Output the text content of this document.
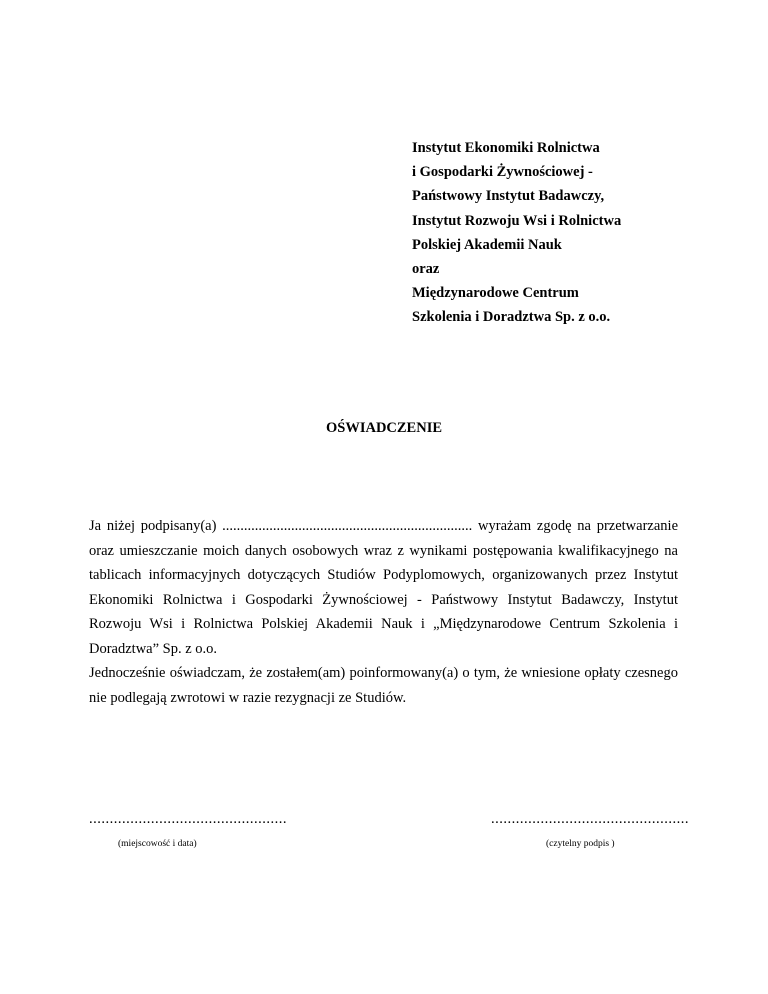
Instytut Ekonomiki Rolnictwa
i Gospodarki Żywnościowej -
Państwowy Instytut Badawczy,
Instytut Rozwoju Wsi i Rolnictwa
Polskiej Akademii Nauk
oraz
Międzynarodowe Centrum
Szkolenia i Doradztwa Sp. z o.o.
OŚWIADCZENIE

Ja niżej podpisany(a) ..................................................................... wyrażam zgodę na przetwarzanie oraz umieszczanie moich danych osobowych wraz z wynikami postępowania kwalifikacyjnego na tablicach informacyjnych dotyczących Studiów Podyplomowych, organizowanych przez Instytut Ekonomiki Rolnictwa i Gospodarki Żywnościowej - Państwowy Instytut Badawczy, Instytut Rozwoju Wsi i Rolnictwa Polskiej Akademii Nauk i „Międzynarodowe Centrum Szkolenia i Doradztwa” Sp. z o.o.

Jednocześnie oświadczam, że zostałem(am) poinformowany(a) o tym, że wniesione opłaty czesnego nie podlegają zwrotowi w razie rezygnacji ze Studiów.

................................................
(miejscowość i data)
................................................
(czytelny podpis )
